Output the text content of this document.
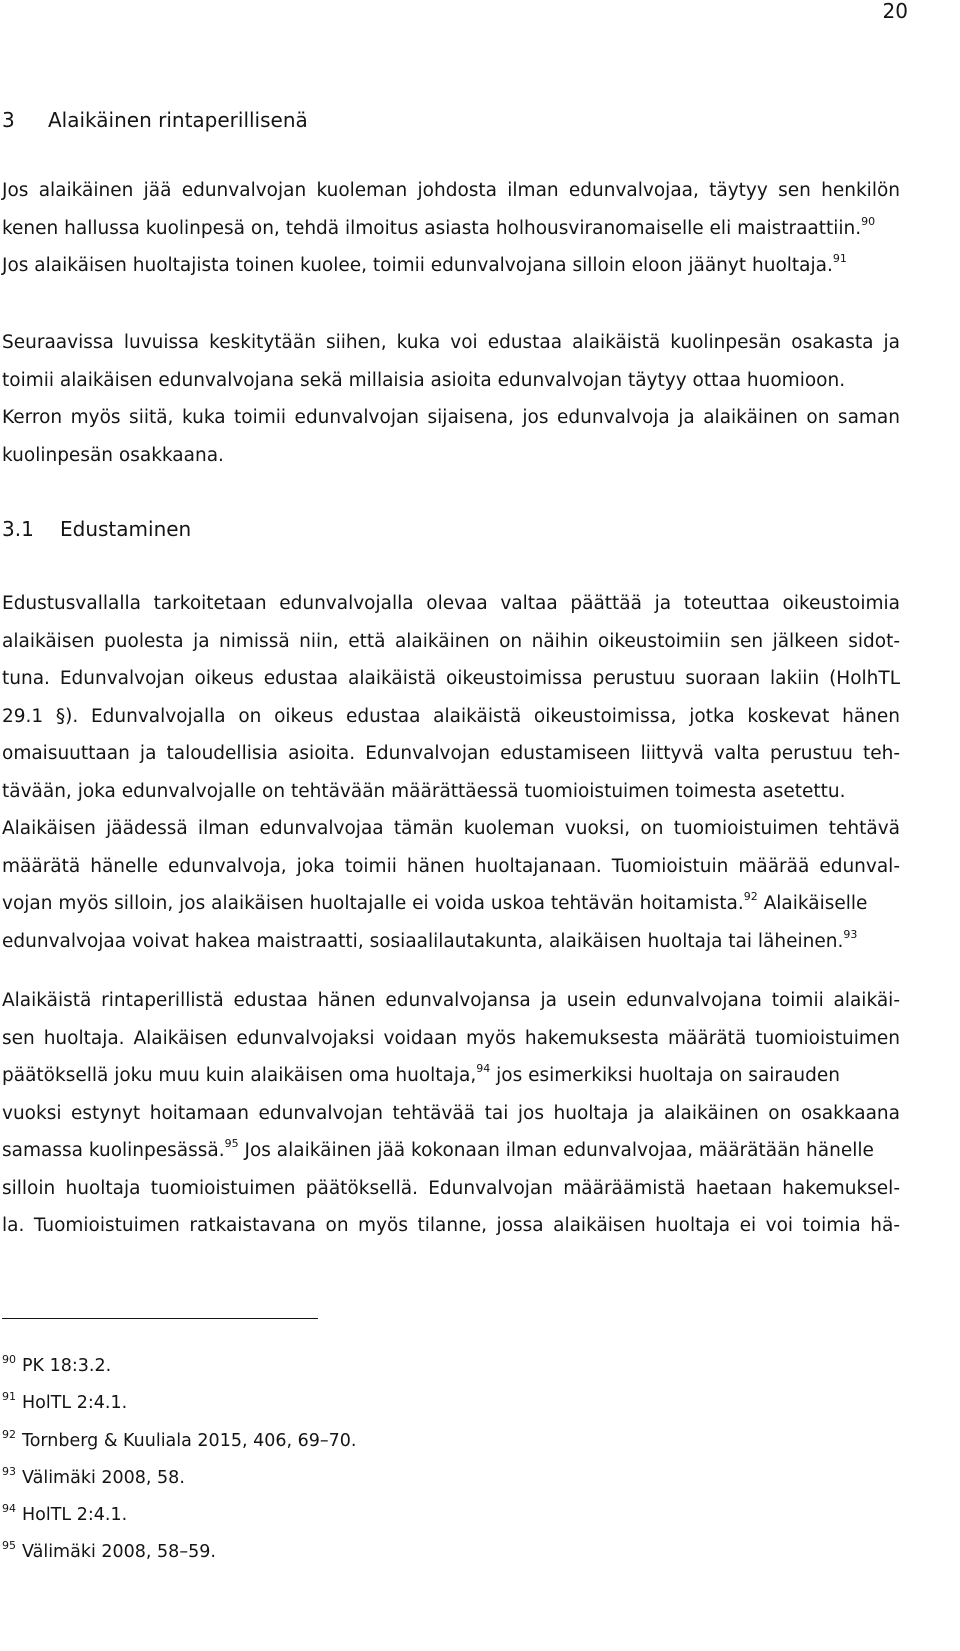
20
3 Alaikäinen rintaperillisenä
Jos alaikäinen jää edunvalvojan kuoleman johdosta ilman edunvalvojaa, täytyy sen henkilön
kenen hallussa kuolinpesä on, tehdä ilmoitus asiasta holhousviranomaiselle eli maistraattiin.$^{90}$
Jos alaikäisen huoltajista toinen kuolee, toimii edunvalvojana silloin eloon jäänyt huoltaja.$^{91}$
Seuraavissa luvuissa keskitytään siihen, kuka voi edustaa alaikäistä kuolinpesän osakasta ja
toimii alaikäisen edunvalvojana sekä millaisia asioita edunvalvojan täytyy ottaa huomioon.
Kerron myös siitä, kuka toimii edunvalvojan sijaisena, jos edunvalvoja ja alaikäinen on saman
kuolinpesän osakkaana.
3.1 Edustaminen
Edustusvallalla tarkoitetaan edunvalvojalla olevaa valtaa päättää ja toteuttaa oikeustoimia
alaikäisen puolesta ja nimissä niin, että alaikäinen on näihin oikeustoimiin sen jälkeen sidot-
tuna. Edunvalvojan oikeus edustaa alaikäistä oikeustoimissa perustuu suoraan lakiin (HolhTL
29.1 §). Edunvalvojalla on oikeus edustaa alaikäistä oikeustoimissa, jotka koskevat hänen
omaisuuttaan ja taloudellisia asioita. Edunvalvojan edustamiseen liittyvä valta perustuu teh-
tävään, joka edunvalvojalle on tehtävään määrättäessä tuomioistuimen toimesta asetettu.
Alaikäisen jäädessä ilman edunvalvojaa tämän kuoleman vuoksi, on tuomioistuimen tehtävä
määrätä hänelle edunvalvoja, joka toimii hänen huoltajanaan. Tuomioistuin määrää edunval-
vojan myös silloin, jos alaikäisen huoltajalle ei voida uskoa tehtävän hoitamista.$^{92}$ Alaikäiselle
edunvalvojaa voivat hakea maistraatti, sosiaalilautakunta, alaikäisen huoltaja tai läheinen.$^{93}$
Alaikäistä rintaperillistä edustaa hänen edunvalvojansa ja usein edunvalvojana toimii alaikäi-
sen huoltaja. Alaikäisen edunvalvojaksi voidaan myös hakemuksesta määrätä tuomioistuimen
päätöksellä joku muu kuin alaikäisen oma huoltaja,$^{94}$ jos esimerkiksi huoltaja on sairauden
vuoksi estynyt hoitamaan edunvalvojan tehtävää tai jos huoltaja ja alaikäinen on osakkaana
samassa kuolinpesässä.$^{95}$ Jos alaikäinen jää kokonaan ilman edunvalvojaa, määrätään hänelle
silloin huoltaja tuomioistuimen päätöksellä. Edunvalvojan määräämistä haetaan hakemuksel-
la. Tuomioistuimen ratkaistavana on myös tilanne, jossa alaikäisen huoltaja ei voi toimia hä-
$^{90}$ PK 18:3.2.
$^{91}$ HolTL 2:4.1.
$^{92}$ Tornberg & Kuuliala 2015, 406, 69–70.
$^{93}$ Välimäki 2008, 58.
$^{94}$ HolTL 2:4.1.
$^{95}$ Välimäki 2008, 58–59.
